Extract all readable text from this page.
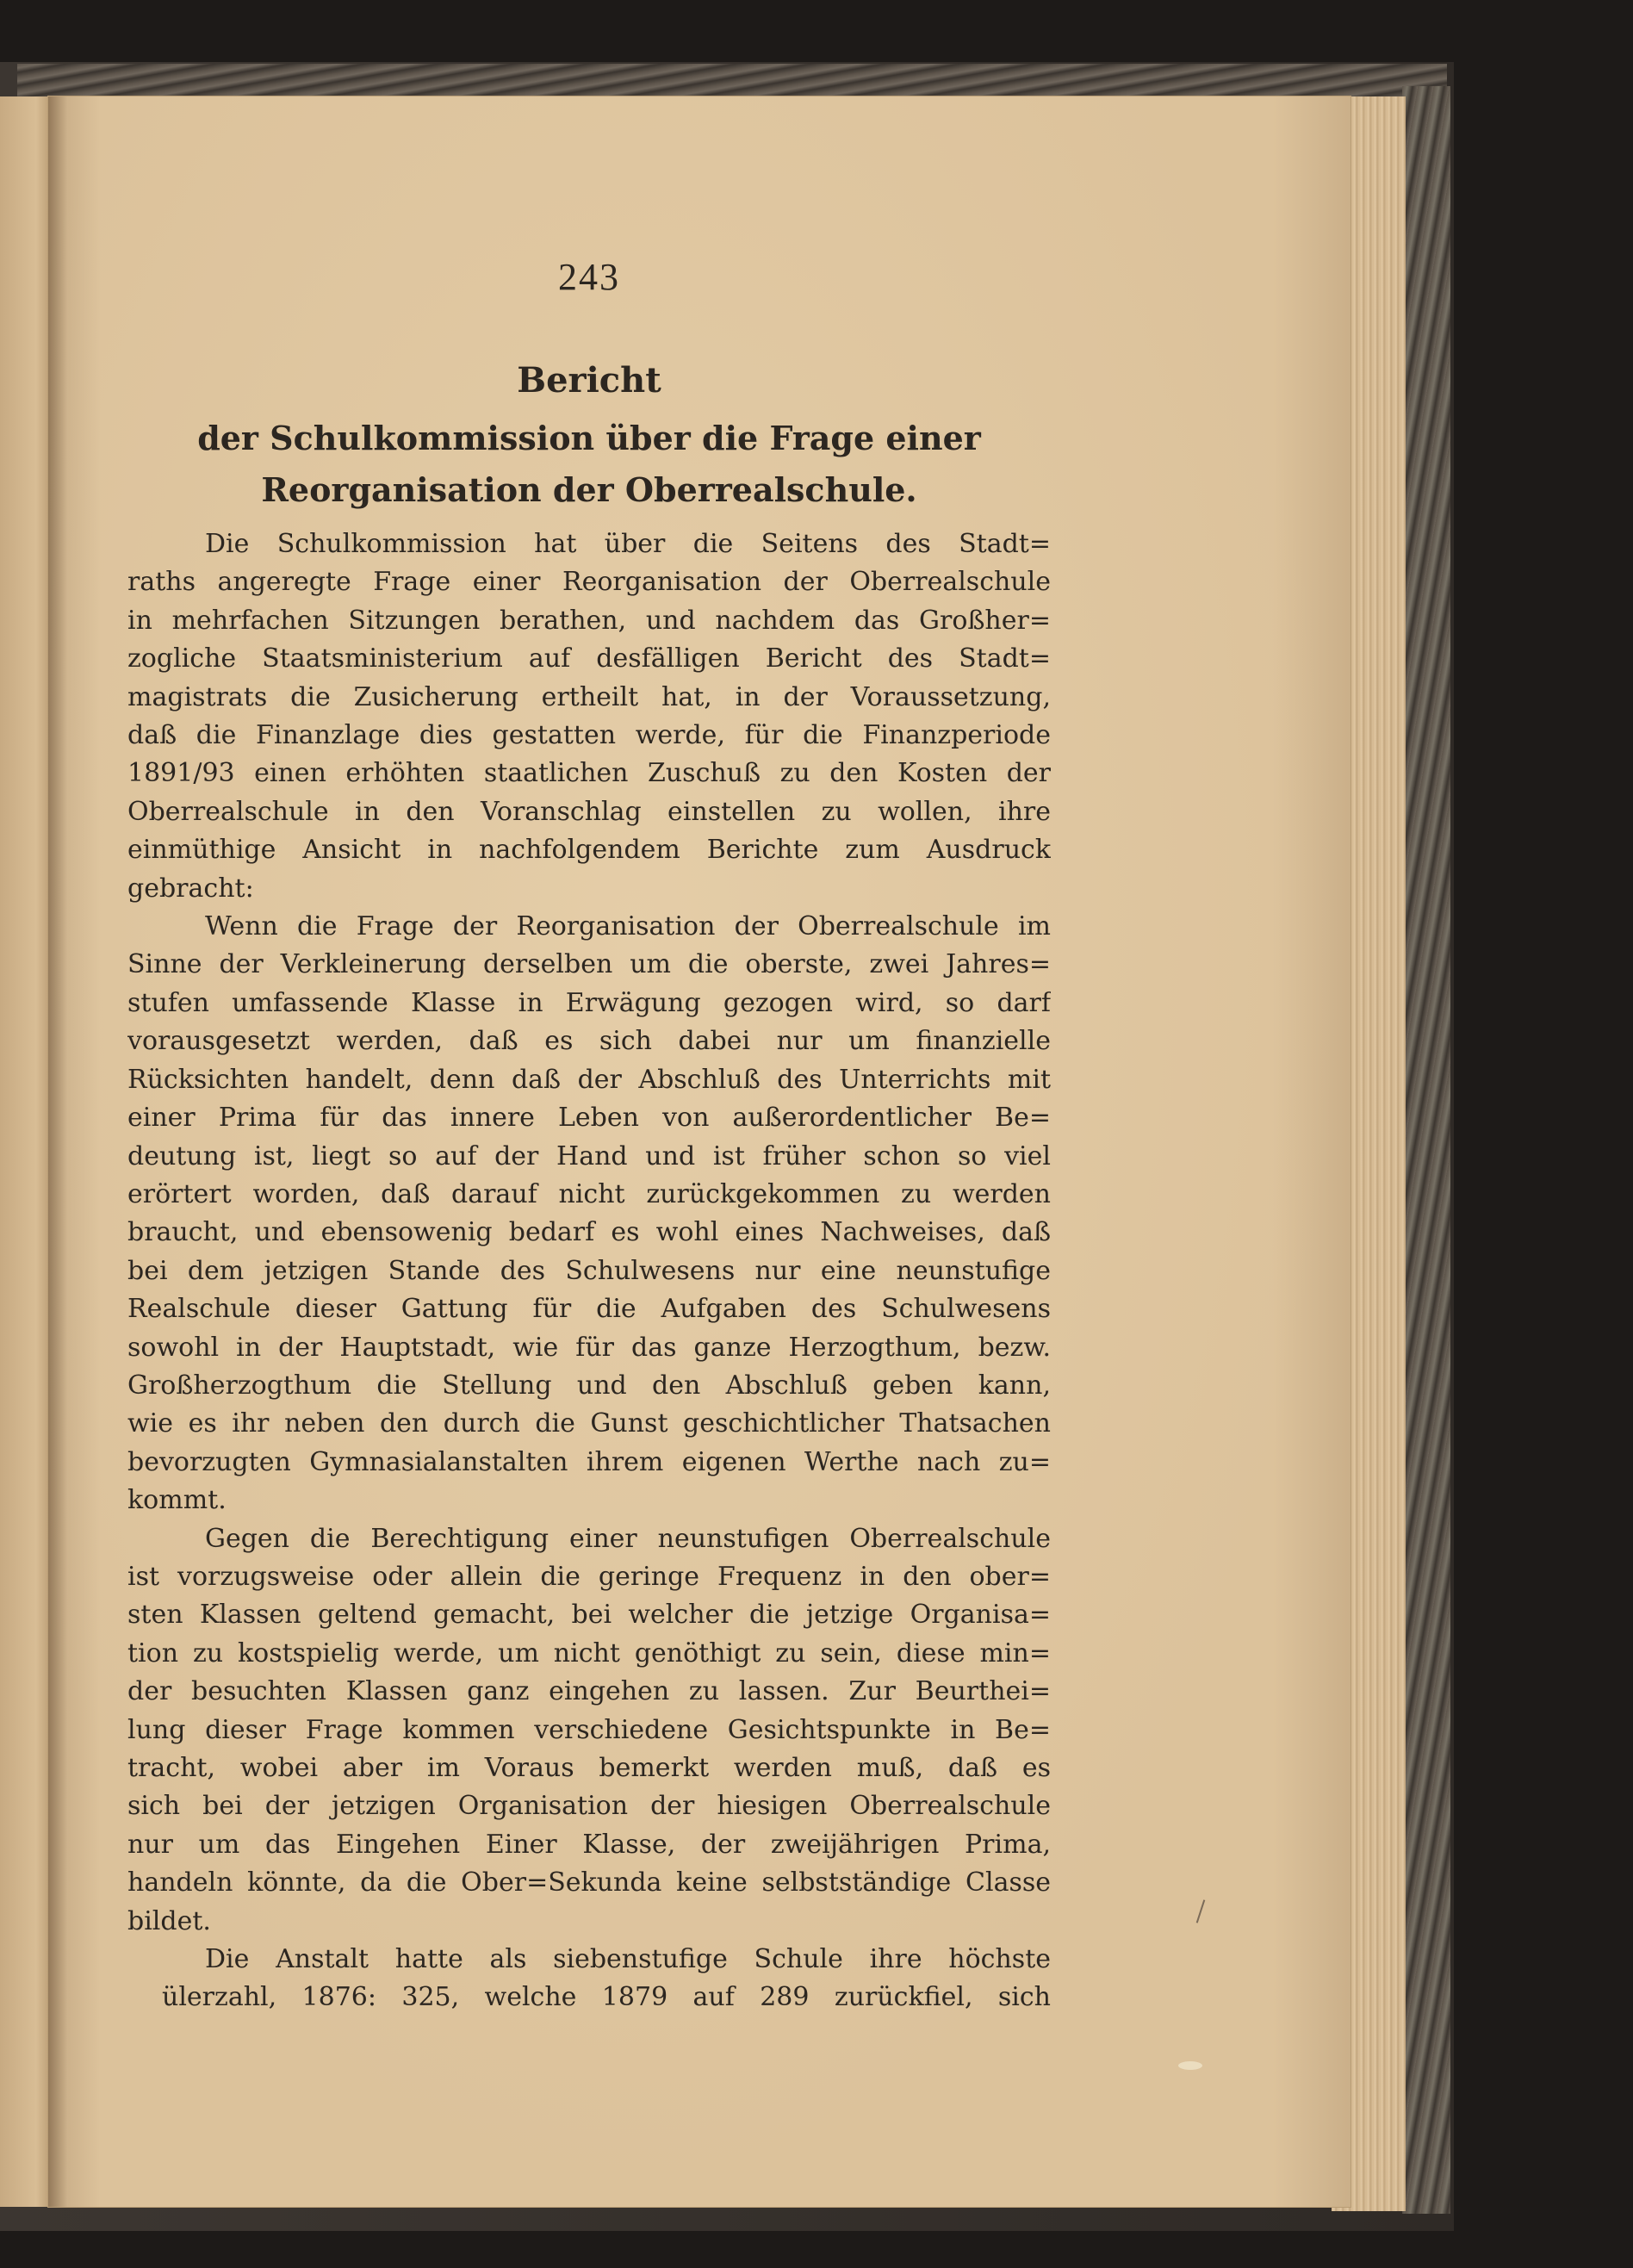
243
Bericht
der Schulkommission über die Frage einer
Reorganisation der Oberrealschule.
Die Schulkommission hat über die Seitens des Stadt=
raths angeregte Frage einer Reorganisation der Oberrealschule
in mehrfachen Sitzungen berathen, und nachdem das Großher=
zogliche Staatsministerium auf desfälligen Bericht des Stadt=
magistrats die Zusicherung ertheilt hat, in der Voraussetzung,
daß die Finanzlage dies gestatten werde, für die Finanzperiode
1891/93 einen erhöhten staatlichen Zuschuß zu den Kosten der
Oberrealschule in den Voranschlag einstellen zu wollen, ihre
einmüthige Ansicht in nachfolgendem Berichte zum Ausdruck
gebracht:
Wenn die Frage der Reorganisation der Oberrealschule im
Sinne der Verkleinerung derselben um die oberste, zwei Jahres=
stufen umfassende Klasse in Erwägung gezogen wird, so darf
vorausgesetzt werden, daß es sich dabei nur um finanzielle
Rücksichten handelt, denn daß der Abschluß des Unterrichts mit
einer Prima für das innere Leben von außerordentlicher Be=
deutung ist, liegt so auf der Hand und ist früher schon so viel
erörtert worden, daß darauf nicht zurückgekommen zu werden
braucht, und ebensowenig bedarf es wohl eines Nachweises, daß
bei dem jetzigen Stande des Schulwesens nur eine neunstufige
Realschule dieser Gattung für die Aufgaben des Schulwesens
sowohl in der Hauptstadt, wie für das ganze Herzogthum, bezw.
Großherzogthum die Stellung und den Abschluß geben kann,
wie es ihr neben den durch die Gunst geschichtlicher Thatsachen
bevorzugten Gymnasialanstalten ihrem eigenen Werthe nach zu=
kommt.
Gegen die Berechtigung einer neunstufigen Oberrealschule
ist vorzugsweise oder allein die geringe Frequenz in den ober=
sten Klassen geltend gemacht, bei welcher die jetzige Organisa=
tion zu kostspielig werde, um nicht genöthigt zu sein, diese min=
der besuchten Klassen ganz eingehen zu lassen. Zur Beurthei=
lung dieser Frage kommen verschiedene Gesichtspunkte in Be=
tracht, wobei aber im Voraus bemerkt werden muß, daß es
sich bei der jetzigen Organisation der hiesigen Oberrealschule
nur um das Eingehen Einer Klasse, der zweijährigen Prima,
handeln könnte, da die Ober=Sekunda keine selbstständige Classe
bildet.
Die Anstalt hatte als siebenstufige Schule ihre höchste
ülerzahl, 1876: 325, welche 1879 auf 289 zurückfiel, sich
